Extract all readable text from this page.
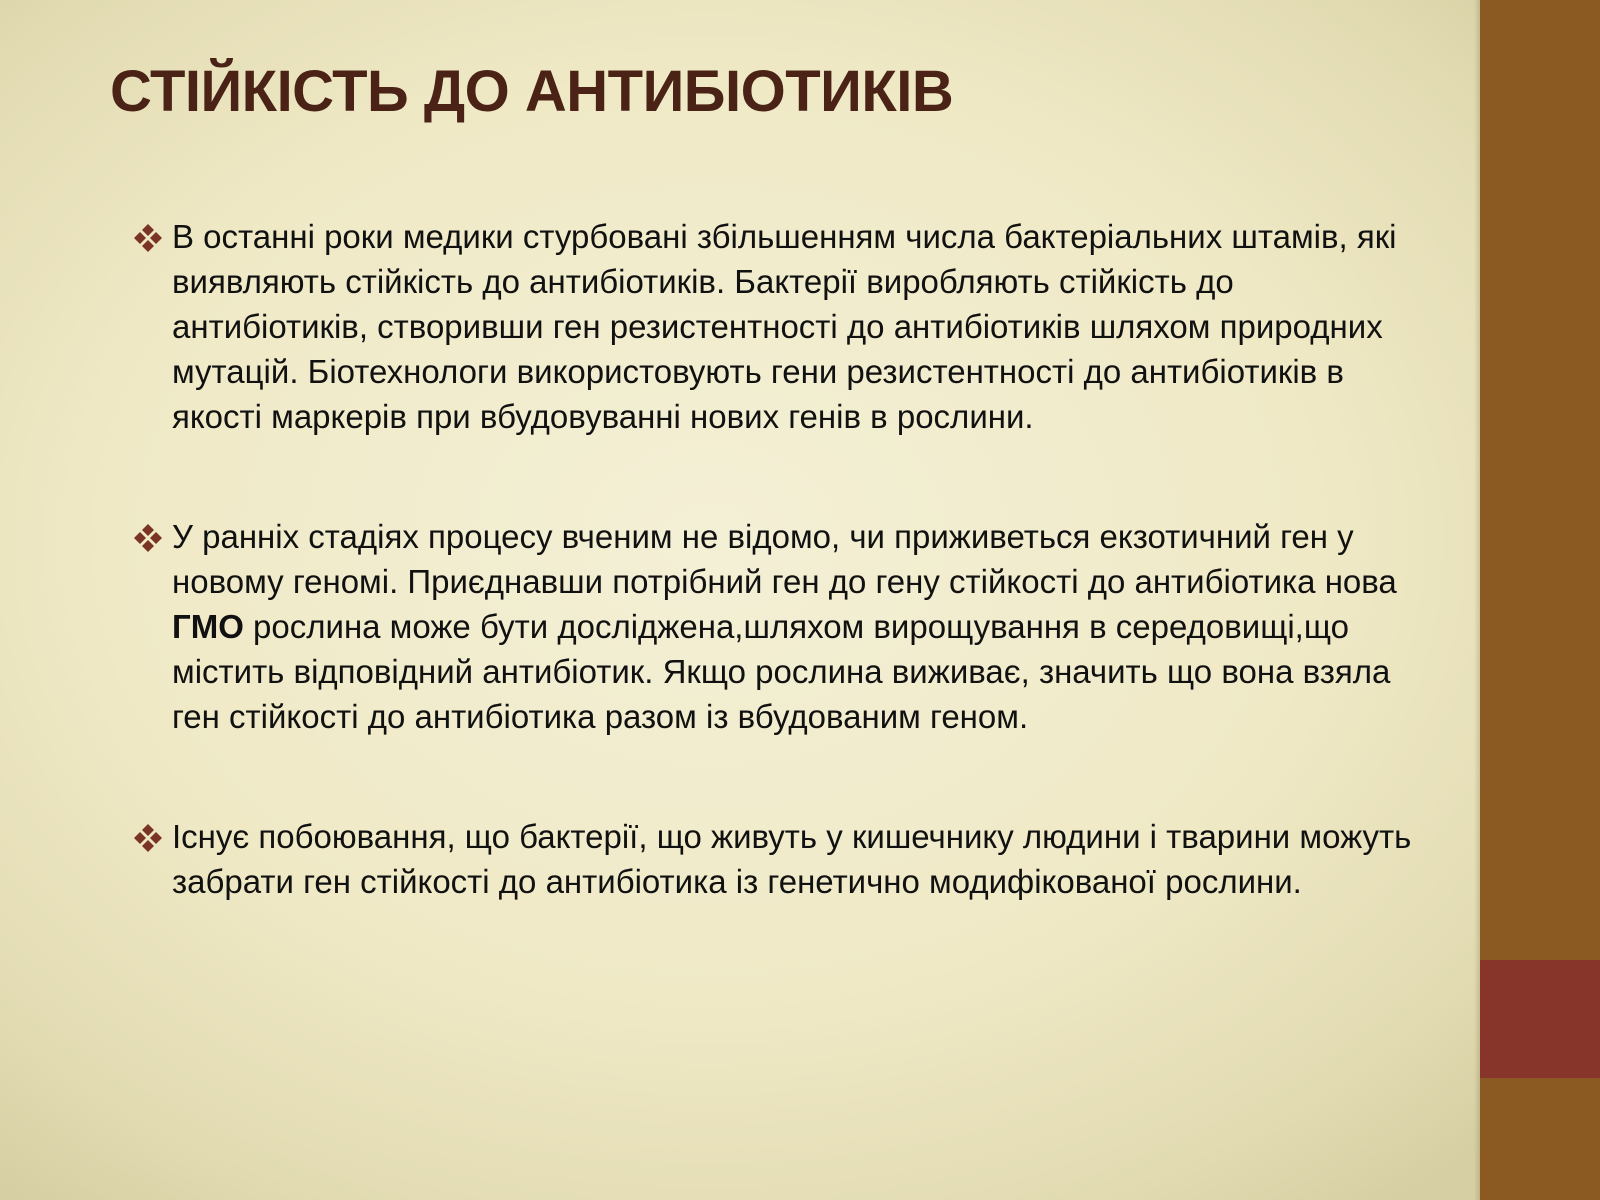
СТІЙКІСТЬ ДО АНТИБІОТИКІВ
В останні роки медики стурбовані збільшенням числа бактеріальних штамів, які виявляють стійкість до антибіотиків. Бактерії виробляють стійкість до антибіотиків, створивши ген резистентності до антибіотиків шляхом природних мутацій. Біотехнологи використовують гени резистентності до антибіотиків в якості маркерів при вбудовуванні нових генів в рослини.
У ранніх стадіях процесу вченим не відомо, чи приживеться екзотичний ген у новому геномі. Приєднавши потрібний ген до гену стійкості до антибіотика нова ГМО рослина може бути досліджена,шляхом вирощування в середовищі,що містить відповідний антибіотик. Якщо рослина виживає, значить що вона взяла ген стійкості до антибіотика разом із вбудованим геном.
Існує побоювання, що бактерії, що живуть у кишечнику людини і тварини можуть забрати ген стійкості до антибіотика із генетично модифікованої рослини.
